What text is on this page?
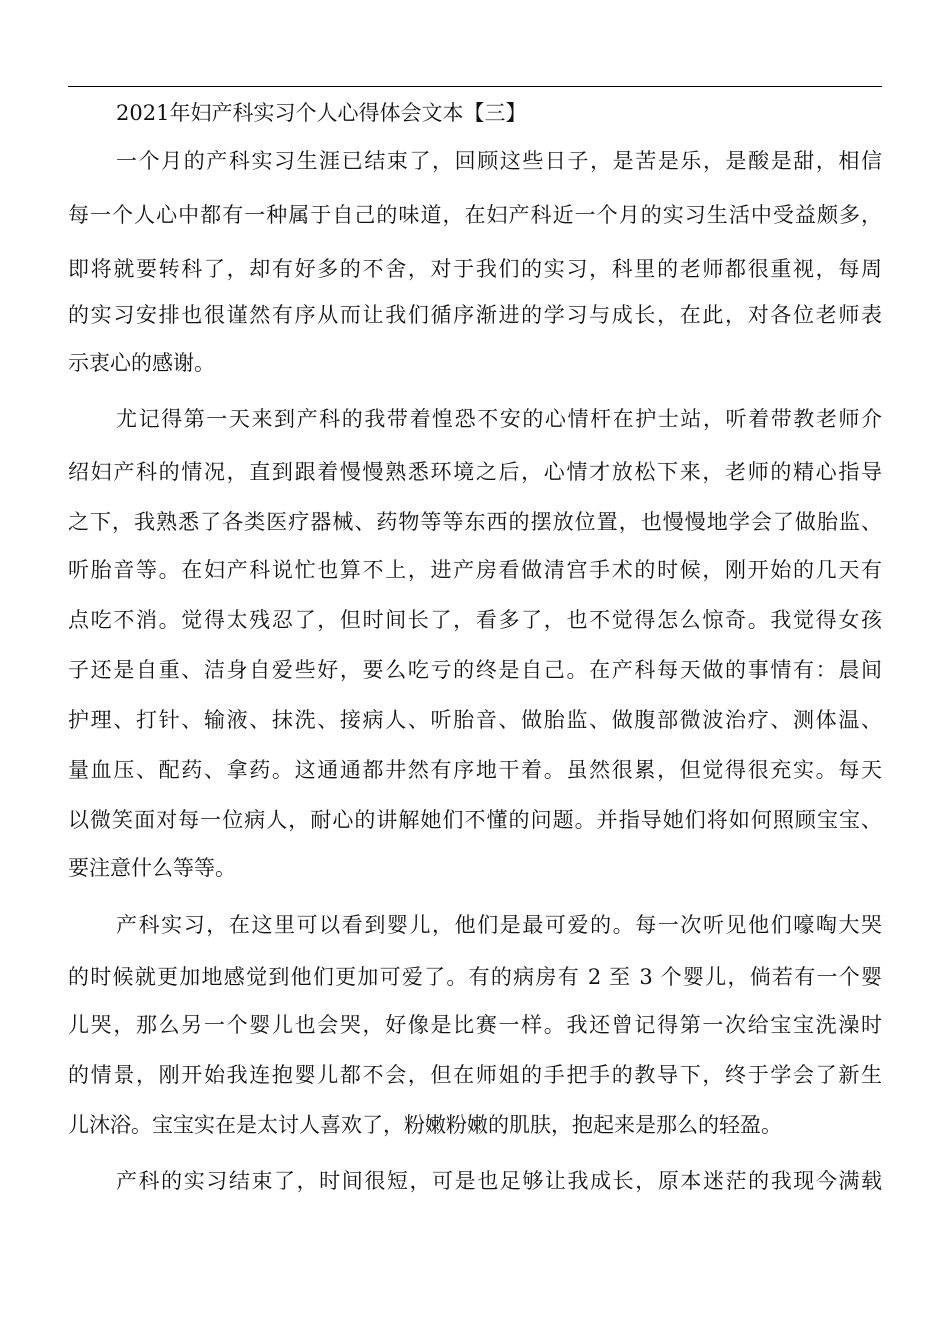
2021年妇产科实习个人心得体会文本【三】
一个月的产科实习生涯已结束了，回顾这些日子，是苦是乐，是酸是甜，相信
每一个人心中都有一种属于自己的味道，在妇产科近一个月的实习生活中受益颇多，
即将就要转科了，却有好多的不舍，对于我们的实习，科里的老师都很重视，每周
的实习安排也很谨然有序从而让我们循序渐进的学习与成长，在此，对各位老师表
示衷心的感谢。
尤记得第一天来到产科的我带着惶恐不安的心情杆在护士站，听着带教老师介
绍妇产科的情况，直到跟着慢慢熟悉环境之后，心情才放松下来，老师的精心指导
之下，我熟悉了各类医疗器械、药物等等东西的摆放位置，也慢慢地学会了做胎监、
听胎音等。在妇产科说忙也算不上，进产房看做清宫手术的时候，刚开始的几天有
点吃不消。觉得太残忍了，但时间长了，看多了，也不觉得怎么惊奇。我觉得女孩
子还是自重、洁身自爱些好，要么吃亏的终是自己。在产科每天做的事情有：晨间
护理、打针、输液、抹洗、接病人、听胎音、做胎监、做腹部微波治疗、测体温、
量血压、配药、拿药。这通通都井然有序地干着。虽然很累，但觉得很充实。每天
以微笑面对每一位病人，耐心的讲解她们不懂的问题。并指导她们将如何照顾宝宝、
要注意什么等等。
产科实习，在这里可以看到婴儿，他们是最可爱的。每一次听见他们嚎啕大哭
的时候就更加地感觉到他们更加可爱了。有的病房有 2 至 3 个婴儿，倘若有一个婴
儿哭，那么另一个婴儿也会哭，好像是比赛一样。我还曾记得第一次给宝宝洗澡时
的情景，刚开始我连抱婴儿都不会，但在师姐的手把手的教导下，终于学会了新生
儿沐浴。宝宝实在是太讨人喜欢了，粉嫩粉嫩的肌肤，抱起来是那么的轻盈。
产科的实习结束了，时间很短，可是也足够让我成长，原本迷茫的我现今满载
